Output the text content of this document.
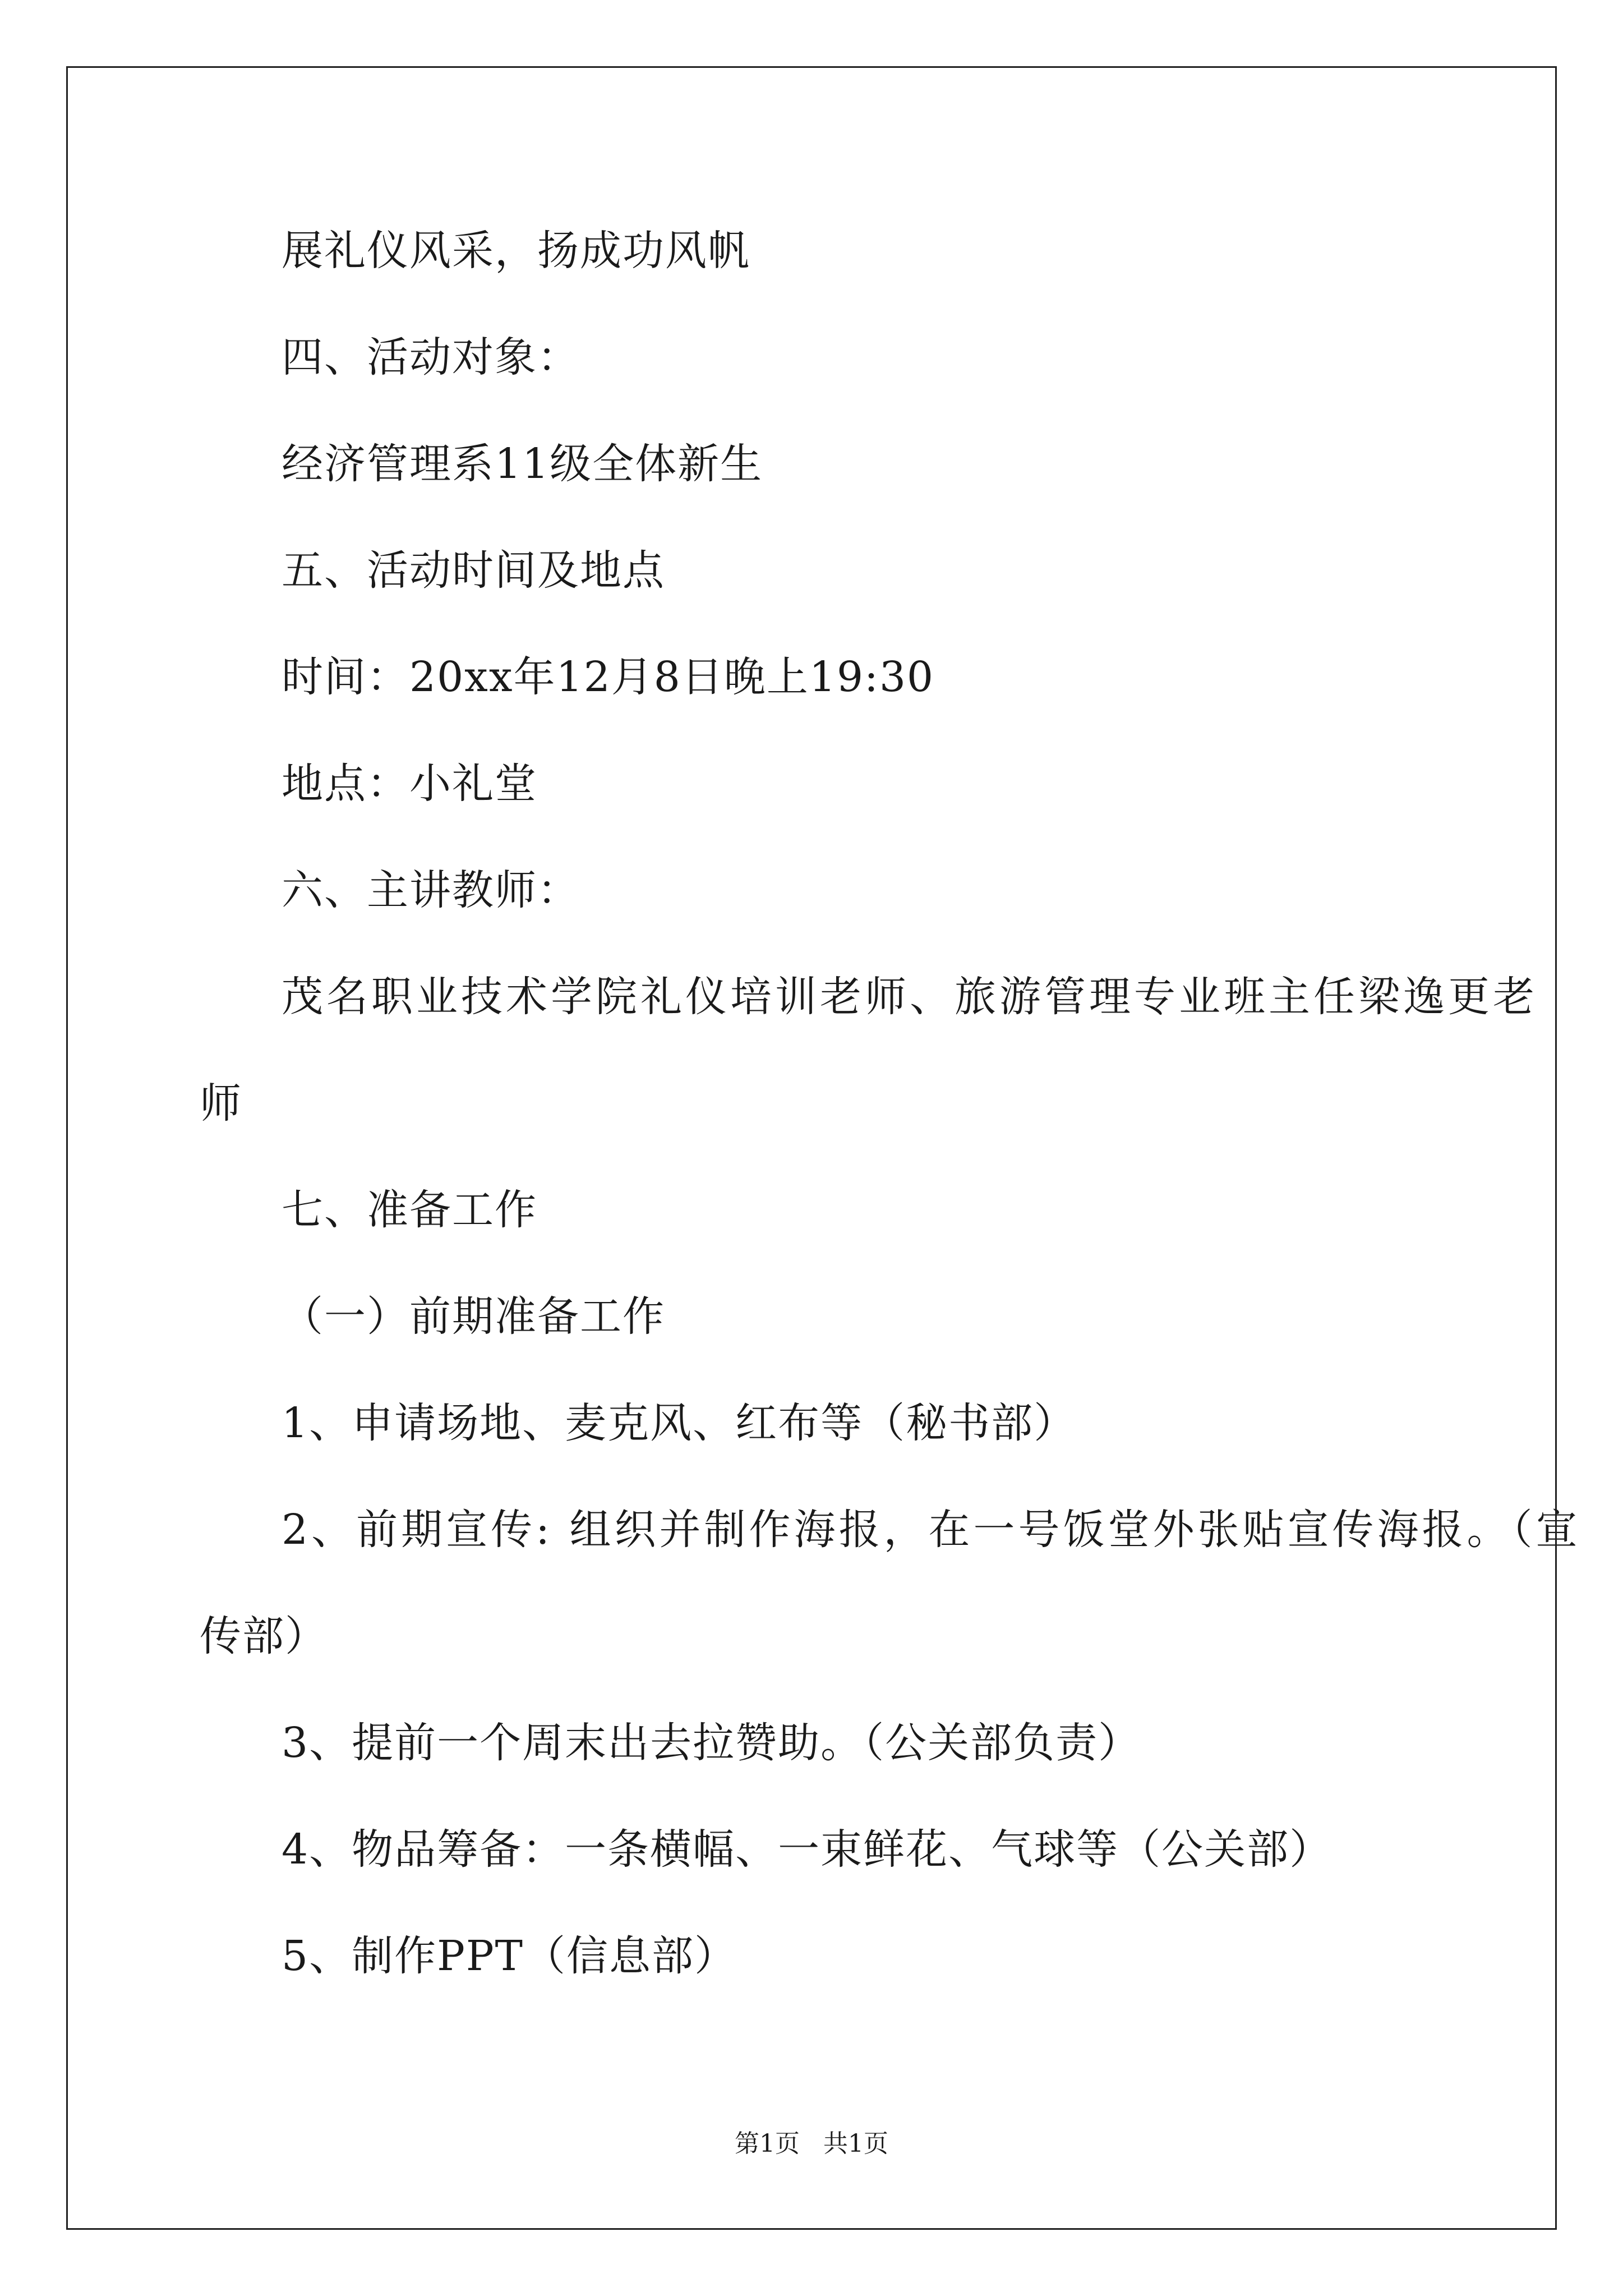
展礼仪风采，扬成功风帆
四、活动对象：
经济管理系11级全体新生
五、活动时间及地点
时间：20xx年12月8日晚上19:30
地点：小礼堂
六、主讲教师：
茂名职业技术学院礼仪培训老师、旅游管理专业班主任梁逸更老
师
七、准备工作
（一）前期准备工作
1、申请场地、麦克风、红布等（秘书部）
2、前期宣传: 组织并制作海报，在一号饭堂外张贴宣传海报。（宣
传部）
3、提前一个周末出去拉赞助。（公关部负责）
4、物品筹备：一条横幅、一束鲜花、气球等（公关部）
5、制作PPT（信息部）
第1页   共1页
